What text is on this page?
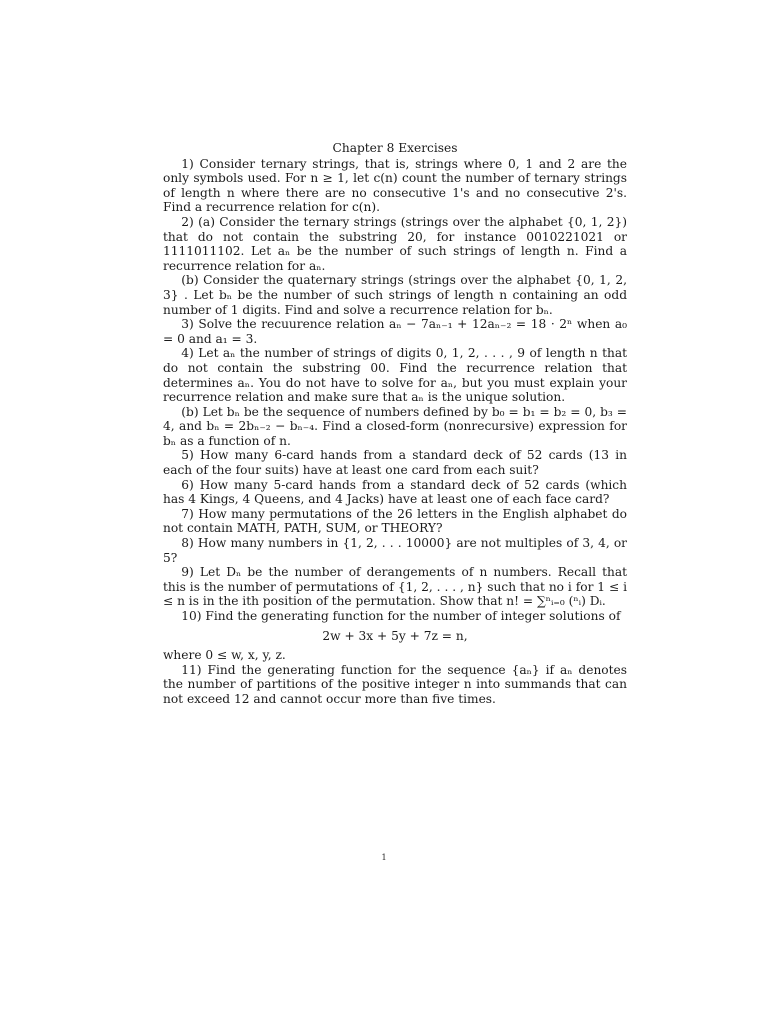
Chapter 8 Exercises

1) Consider ternary strings, that is, strings where 0, 1 and 2 are the only symbols used. For n ≥ 1, let c(n) count the number of ternary strings of length n where there are no consecutive 1's and no consecutive 2's. Find a recurrence relation for c(n).

2) (a) Consider the ternary strings (strings over the alphabet {0, 1, 2}) that do not contain the substring 20, for instance 0010221021 or 1111011102. Let aₙ be the number of such strings of length n. Find a recurrence relation for aₙ.

(b) Consider the quaternary strings (strings over the alphabet {0, 1, 2, 3} . Let bₙ be the number of such strings of length n containing an odd number of 1 digits. Find and solve a recurrence relation for bₙ.

3) Solve the recuurence relation aₙ − 7aₙ₋₁ + 12aₙ₋₂ = 18 · 2ⁿ when a₀ = 0 and a₁ = 3.

4) Let aₙ the number of strings of digits 0, 1, 2, . . . , 9 of length n that do not contain the substring 00. Find the recurrence relation that determines aₙ. You do not have to solve for aₙ, but you must explain your recurrence relation and make sure that aₙ is the unique solution.

(b) Let bₙ be the sequence of numbers defined by b₀ = b₁ = b₂ = 0, b₃ = 4, and bₙ = 2bₙ₋₂ − bₙ₋₄. Find a closed-form (nonrecursive) expression for bₙ as a function of n.

5) How many 6-card hands from a standard deck of 52 cards (13 in each of the four suits) have at least one card from each suit?

6) How many 5-card hands from a standard deck of 52 cards (which has 4 Kings, 4 Queens, and 4 Jacks) have at least one of each face card?

7) How many permutations of the 26 letters in the English alphabet do not contain MATH, PATH, SUM, or THEORY?

8) How many numbers in {1, 2, . . . 10000} are not multiples of 3, 4, or 5?

9) Let Dₙ be the number of derangements of n numbers. Recall that this is the number of permutations of {1, 2, . . . , n} such that no i for 1 ≤ i ≤ n is in the ith position of the permutation. Show that n! = ∑ⁿᵢ₌₀ (ⁿᵢ) Dᵢ.

10) Find the generating function for the number of integer solutions of

2w + 3x + 5y + 7z = n,

where 0 ≤ w, x, y, z.

11) Find the generating function for the sequence {aₙ} if aₙ denotes the number of partitions of the positive integer n into summands that can not exceed 12 and cannot occur more than five times.

1
